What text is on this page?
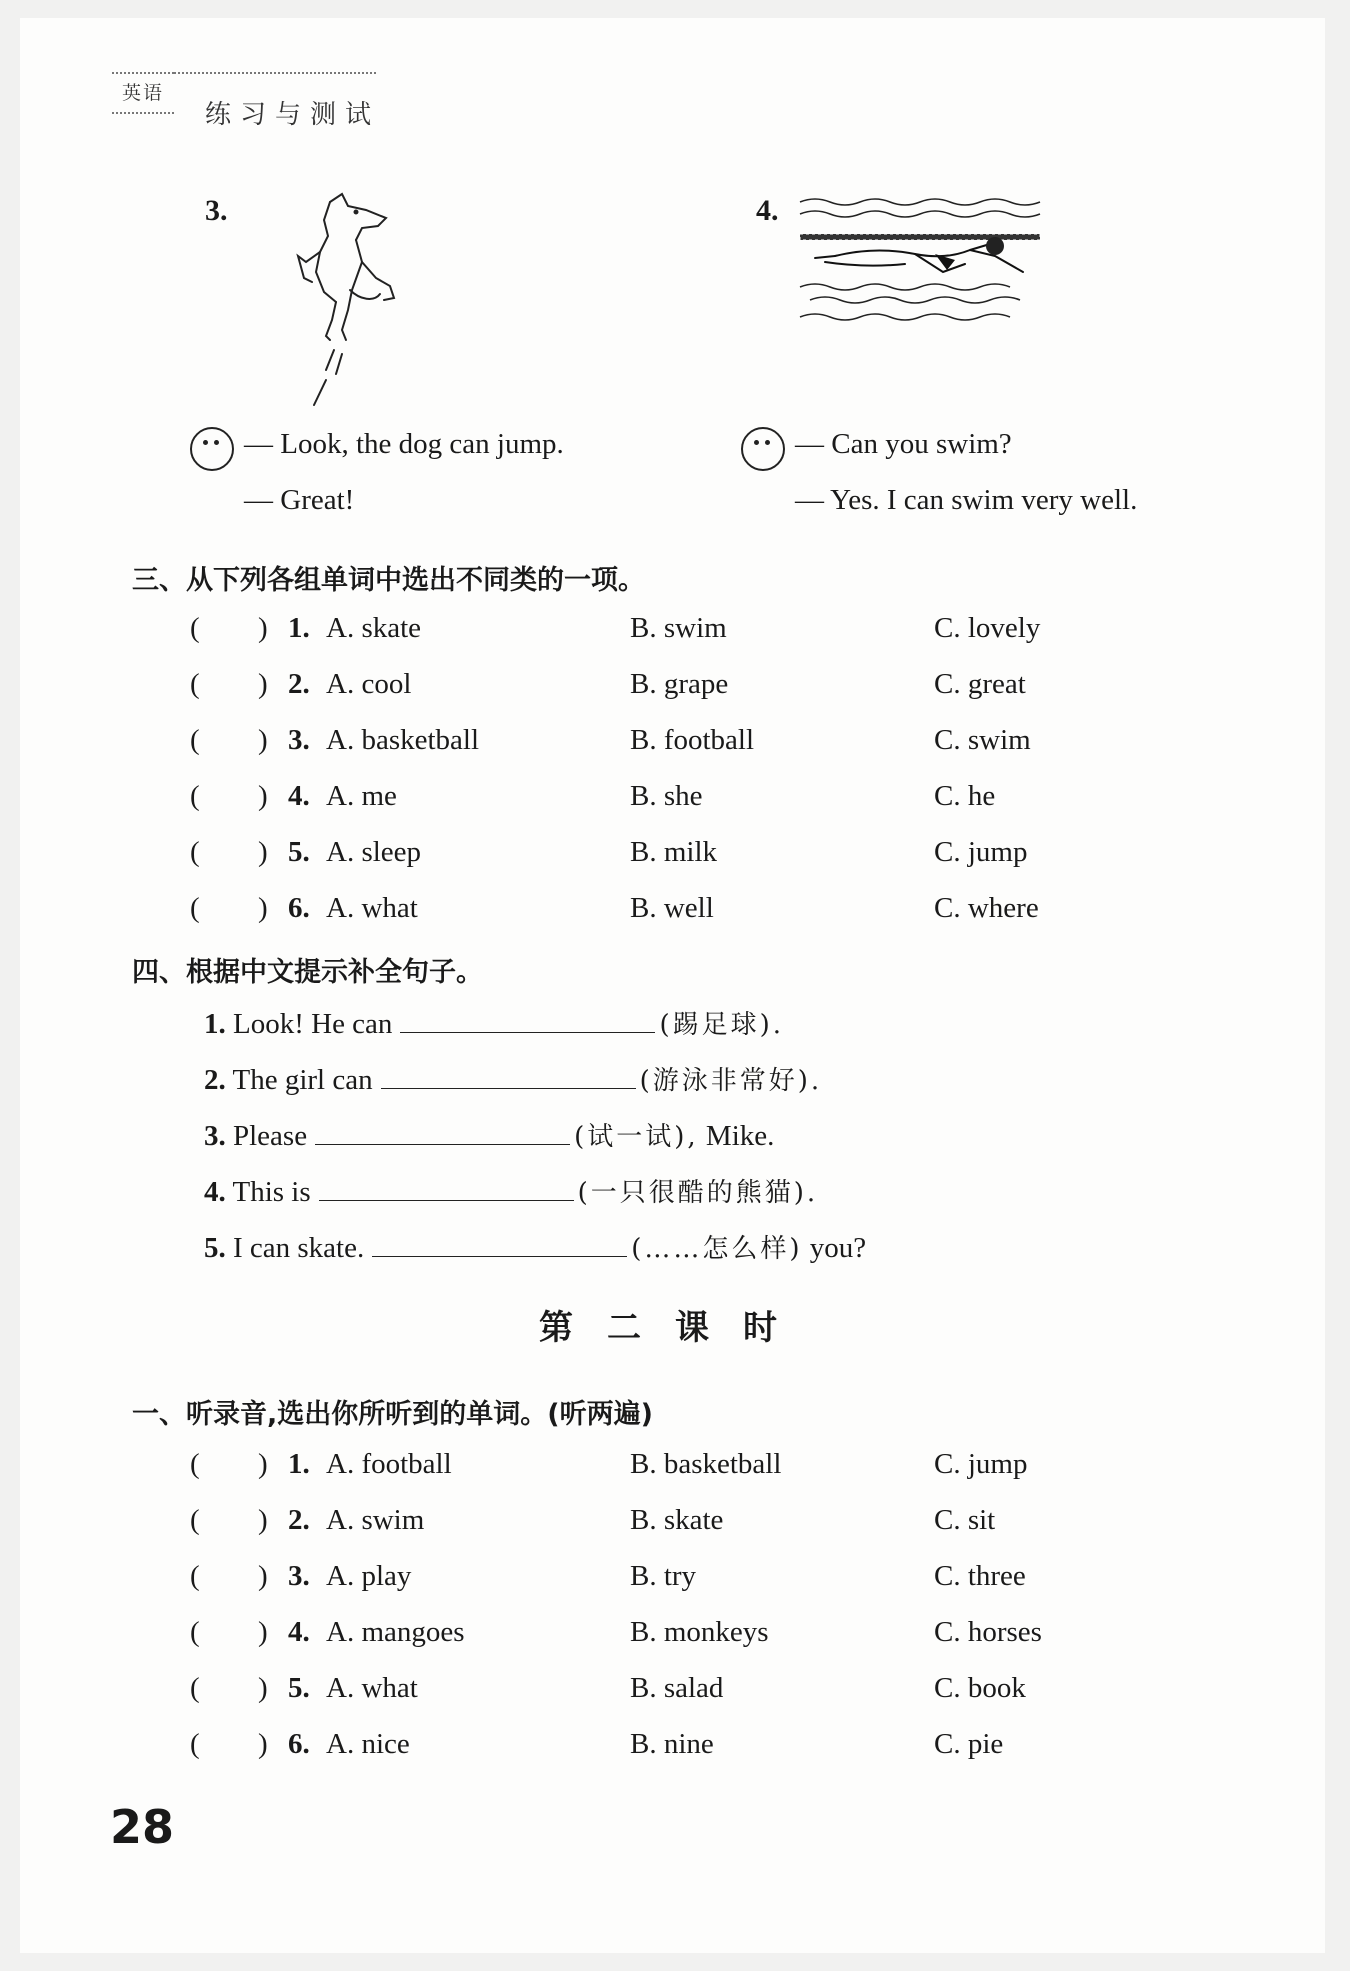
英语
练习与测试
3.
— Look, the dog can jump.
— Great!
4.
— Can you swim?
— Yes. I can swim very well.
三、从下列各组单词中选出不同类的一项。
( ) 1. A. skate	B. swim	C. lovely
( ) 2. A. cool	B. grape	C. great
( ) 3. A. basketball	B. football	C. swim
( ) 4. A. me	B. she	C. he
( ) 5. A. sleep	B. milk	C. jump
( ) 6. A. what	B. well	C. where
四、根据中文提示补全句子。
1. Look! He can	(踢足球).
2. The girl can	(游泳非常好).
3. Please	(试一试), Mike.
4. This is	(一只很酷的熊猫).
5. I can skate.	(……怎么样) you?
第二课时
一、听录音,选出你所听到的单词。(听两遍)
( ) 1. A. football	B. basketball	C. jump
( ) 2. A. swim	B. skate	C. sit
( ) 3. A. play	B. try	C. three
( ) 4. A. mangoes	B. monkeys	C. horses
( ) 5. A. what	B. salad	C. book
( ) 6. A. nice	B. nine	C. pie
28
